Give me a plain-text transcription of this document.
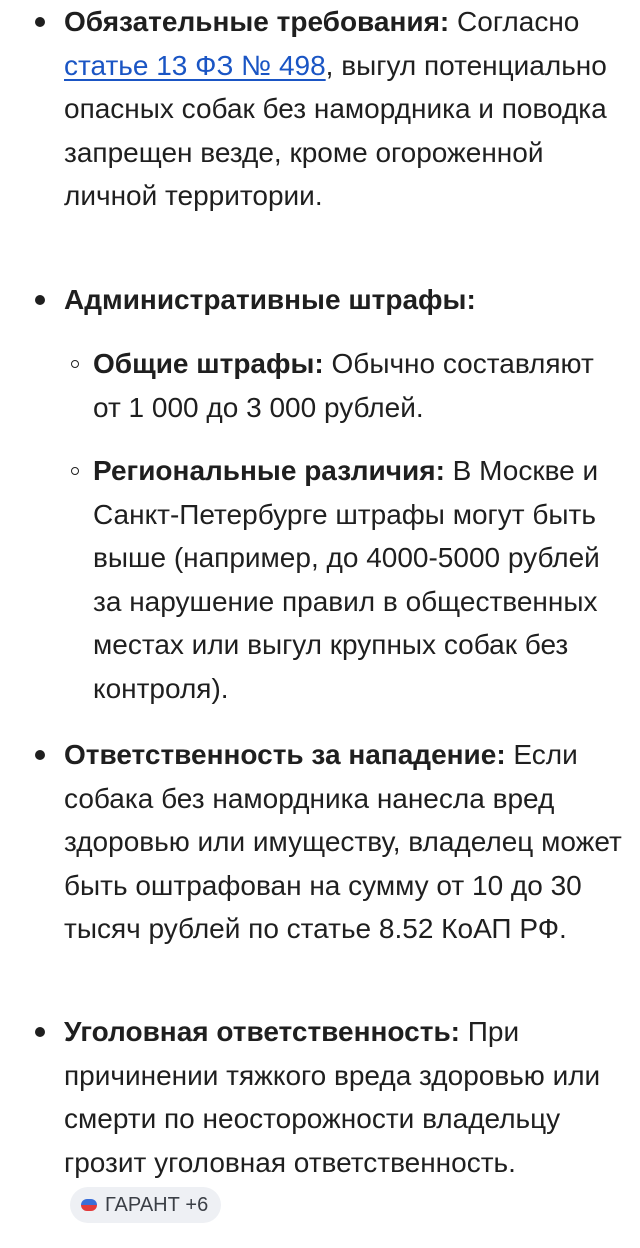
Обязательные требования: Согласно статье 13 ФЗ № 498, выгул потенциально опасных собак без намордника и поводка запрещен везде, кроме огороженной личной территории.
Административные штрафы:
Общие штрафы: Обычно составляют от 1 000 до 3 000 рублей.
Региональные различия: В Москве и Санкт-Петербурге штрафы могут быть выше (например, до 4000-5000 рублей за нарушение правил в общественных местах или выгул крупных собак без контроля).
Ответственность за нападение: Если собака без намордника нанесла вред здоровью или имуществу, владелец может быть оштрафован на сумму от 10 до 30 тысяч рублей по статье 8.52 КоАП РФ.
Уголовная ответственность: При причинении тяжкого вреда здоровью или смерти по неосторожности владельцу грозит уголовная ответственность.
ГАРАНТ +6
